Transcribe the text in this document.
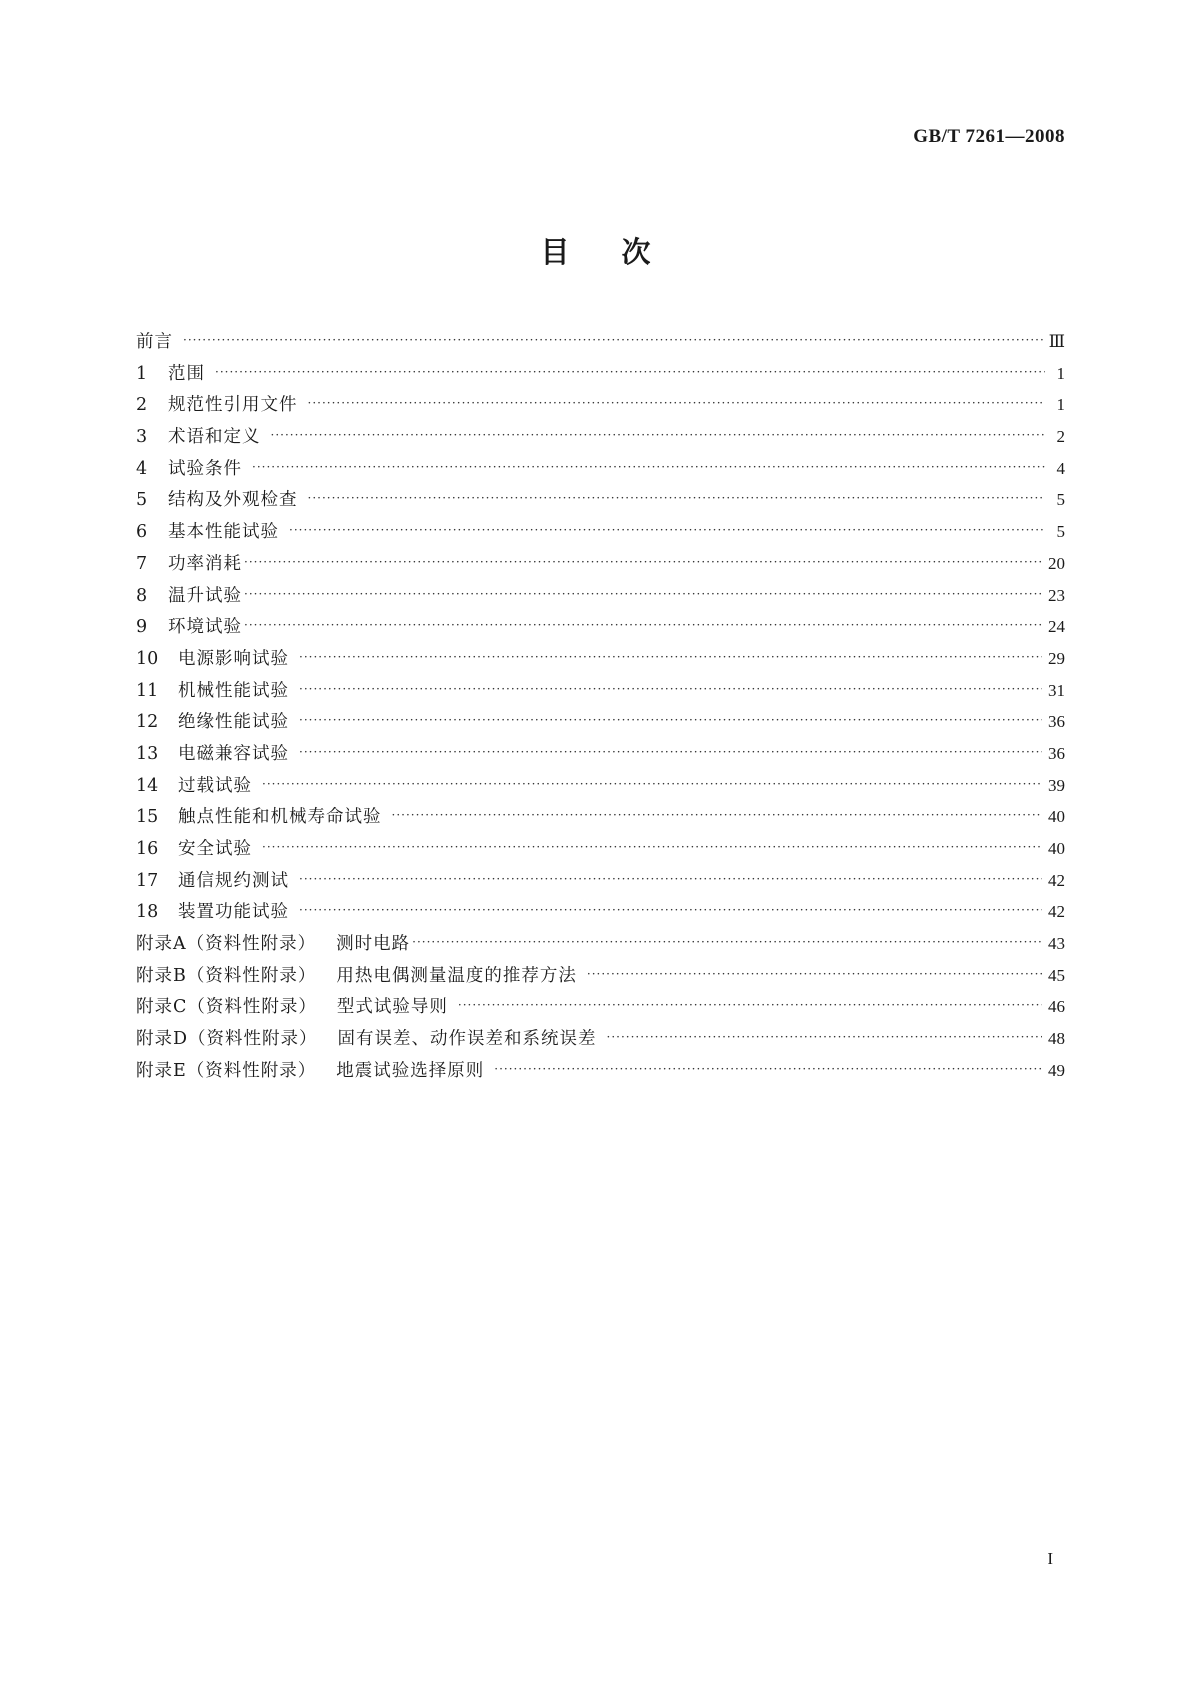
GB/T 7261—2008
目次
前言 ·····	Ⅲ
1	范围 ·····	1
2	规范性引用文件 ·····	1
3	术语和定义 ·····	2
4	试验条件 ·····	4
5	结构及外观检查 ·····	5
6	基本性能试验 ·····	5
7	功率消耗 ·····	20
8	温升试验 ·····	23
9	环境试验 ·····	24
10	电源影响试验 ·····	29
11	机械性能试验 ·····	31
12	绝缘性能试验 ·····	36
13	电磁兼容试验 ·····	36
14	过载试验 ·····	39
15	触点性能和机械寿命试验 ·····	40
16	安全试验 ·····	40
17	通信规约测试 ·····	42
18	装置功能试验 ·····	42
附录A（资料性附录） 测时电路 ·····	43
附录B（资料性附录） 用热电偶测量温度的推荐方法 ·····	45
附录C（资料性附录） 型式试验导则 ·····	46
附录D（资料性附录） 固有误差、动作误差和系统误差 ·····	48
附录E（资料性附录） 地震试验选择原则 ·····	49
I
